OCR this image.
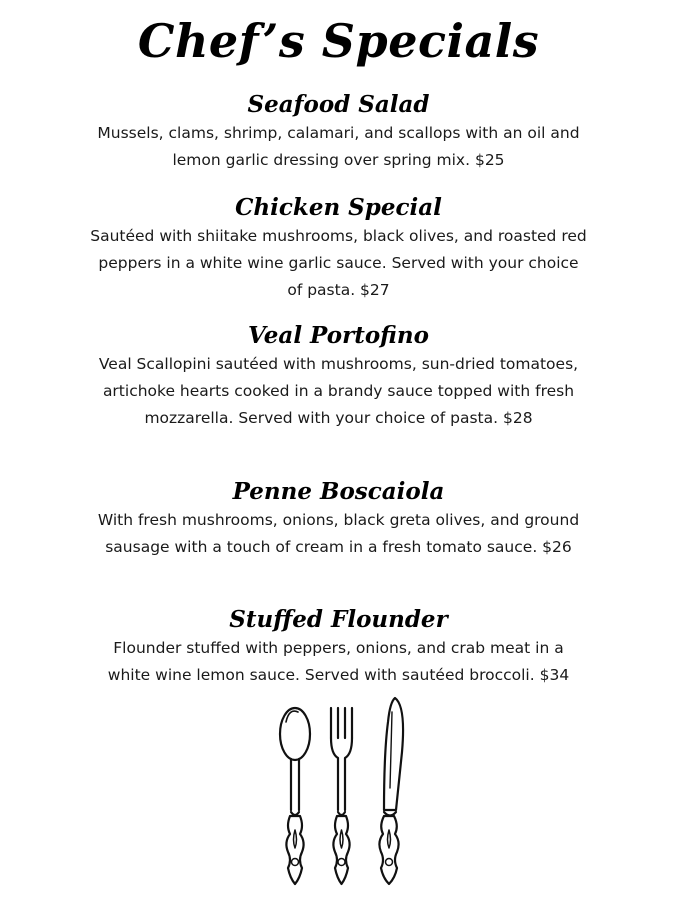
Chef’s Specials
Seafood Salad

Mussels, clams, shrimp, calamari, and scallops with an oil and lemon garlic dressing over spring mix. $25

Chicken Special

Sautéed with shiitake mushrooms, black olives, and roasted red peppers in a white wine garlic sauce. Served with your choice of pasta. $27

Veal Portofino

Veal Scallopini sautéed with mushrooms, sun-dried tomatoes, artichoke hearts cooked in a brandy sauce topped with fresh mozzarella. Served with your choice of pasta. $28

Penne Boscaiola

With fresh mushrooms, onions, black greta olives, and ground sausage with a touch of cream in a fresh tomato sauce. $26

Stuffed Flounder

Flounder stuffed with peppers, onions, and crab meat in a white wine lemon sauce. Served with sautéed broccoli. $34
